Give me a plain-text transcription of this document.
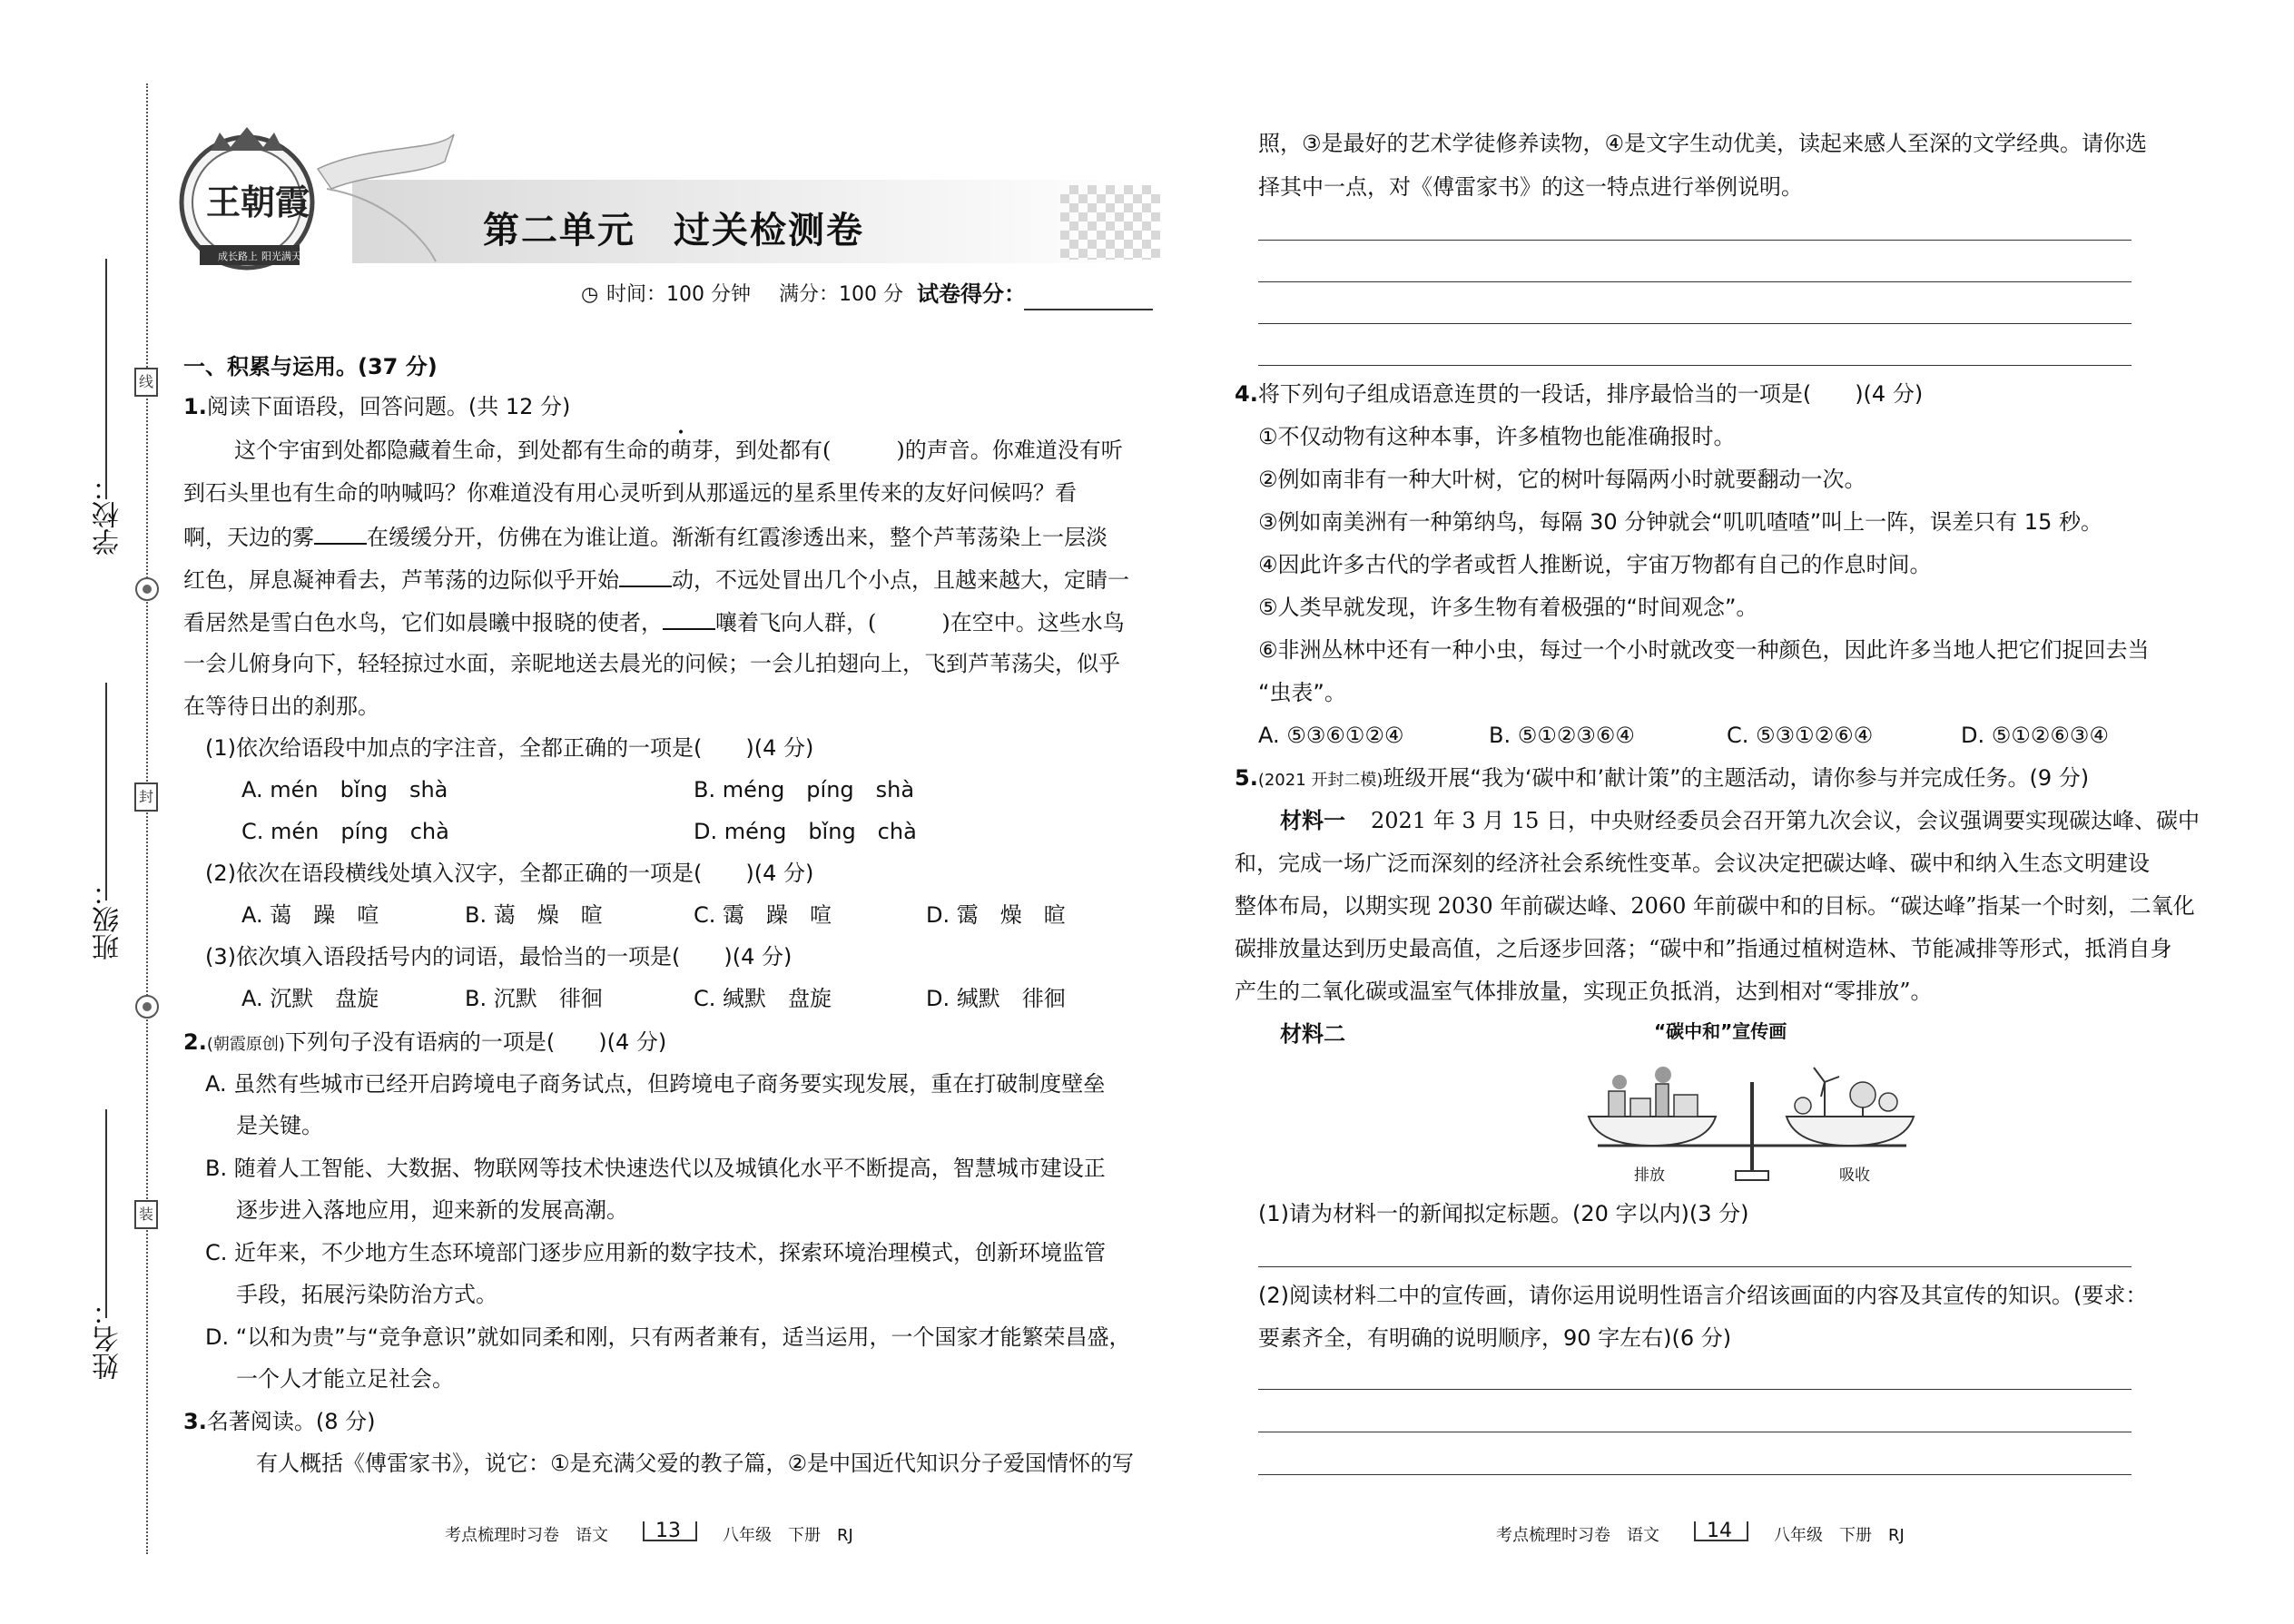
学校：
线
班级：
封
姓名：
装
成长路上 阳光满天
王朝霞
第二单元　过关检测卷
◷ 时间：100 分钟 满分：100 分 试卷得分：
一、积累与运用。(37 分)
1.阅读下面语段，回答问题。(共 12 分)
这个宇宙到处都隐藏着生命，到处都有生命的萌芽，到处都有(　　　)的声音。你难道没有听
到石头里也有生命的呐喊吗？你难道没有用心灵听到从那遥远的星系里传来的友好问候吗？看
啊，天边的雾 在缓缓分开，仿佛在为谁让道。渐渐有红霞渗透出来，整个芦苇荡染上一层淡
红色，屏息凝神看去，芦苇荡的边际似乎开始 动，不远处冒出几个小点，且越来越大，定睛一
看居然是雪白色水鸟，它们如晨曦中报晓的使者， 嚷着飞向人群，(　　　)在空中。这些水鸟
一会儿俯身向下，轻轻掠过水面，亲昵地送去晨光的问候；一会儿拍翅向上，飞到芦苇荡尖，似乎
在等待日出的刹那。
(1)依次给语段中加点的字注音，全都正确的一项是(　　)(4 分)
A. mén　bǐng　shà	B. méng　píng　shà
C. mén　píng　chà	D. méng　bǐng　chà
(2)依次在语段横线处填入汉字，全都正确的一项是(　　)(4 分)
A. 蔼　躁　喧	B. 蔼　燥　暄	C. 霭　躁　喧	D. 霭　燥　暄
(3)依次填入语段括号内的词语，最恰当的一项是(　　)(4 分)
A. 沉默　盘旋	B. 沉默　徘徊	C. 缄默　盘旋	D. 缄默　徘徊
2.(朝霞原创)下列句子没有语病的一项是(　　)(4 分)
A. 虽然有些城市已经开启跨境电子商务试点，但跨境电子商务要实现发展，重在打破制度壁垒
是关键。
B. 随着人工智能、大数据、物联网等技术快速迭代以及城镇化水平不断提高，智慧城市建设正
逐步进入落地应用，迎来新的发展高潮。
C. 近年来，不少地方生态环境部门逐步应用新的数字技术，探索环境治理模式，创新环境监管
手段，拓展污染防治方式。
D. “以和为贵”与“竞争意识”就如同柔和刚，只有两者兼有，适当运用，一个国家才能繁荣昌盛，
一个人才能立足社会。
3.名著阅读。(8 分)
有人概括《傅雷家书》，说它：①是充满父爱的教子篇，②是中国近代知识分子爱国情怀的写
考点梳理时习卷　语文 13	八年级　下册　RJ
照，③是最好的艺术学徒修养读物，④是文字生动优美，读起来感人至深的文学经典。请你选
择其中一点，对《傅雷家书》的这一特点进行举例说明。
4.将下列句子组成语意连贯的一段话，排序最恰当的一项是(　　)(4 分)
①不仅动物有这种本事，许多植物也能准确报时。
②例如南非有一种大叶树，它的树叶每隔两小时就要翻动一次。
③例如南美洲有一种第纳鸟，每隔 30 分钟就会“叽叽喳喳”叫上一阵，误差只有 15 秒。
④因此许多古代的学者或哲人推断说，宇宙万物都有自己的作息时间。
⑤人类早就发现，许多生物有着极强的“时间观念”。
⑥非洲丛林中还有一种小虫，每过一个小时就改变一种颜色，因此许多当地人把它们捉回去当
“虫表”。
A. ⑤③⑥①②④	B. ⑤①②③⑥④	C. ⑤③①②⑥④	D. ⑤①②⑥③④
5.(2021 开封二模)班级开展“我为‘碳中和’献计策”的主题活动，请你参与并完成任务。(9 分)
材料一 2021 年 3 月 15 日，中央财经委员会召开第九次会议，会议强调要实现碳达峰、碳中
和，完成一场广泛而深刻的经济社会系统性变革。会议决定把碳达峰、碳中和纳入生态文明建设
整体布局，以期实现 2030 年前碳达峰、2060 年前碳中和的目标。“碳达峰”指某一个时刻，二氧化
碳排放量达到历史最高值，之后逐步回落；“碳中和”指通过植树造林、节能减排等形式，抵消自身
产生的二氧化碳或温室气体排放量，实现正负抵消，达到相对“零排放”。
材料二	“碳中和”宣传画
排放	吸收
(1)请为材料一的新闻拟定标题。(20 字以内)(3 分)
(2)阅读材料二中的宣传画，请你运用说明性语言介绍该画面的内容及其宣传的知识。(要求：
要素齐全，有明确的说明顺序，90 字左右)(6 分)
考点梳理时习卷　语文 14	八年级　下册　RJ
